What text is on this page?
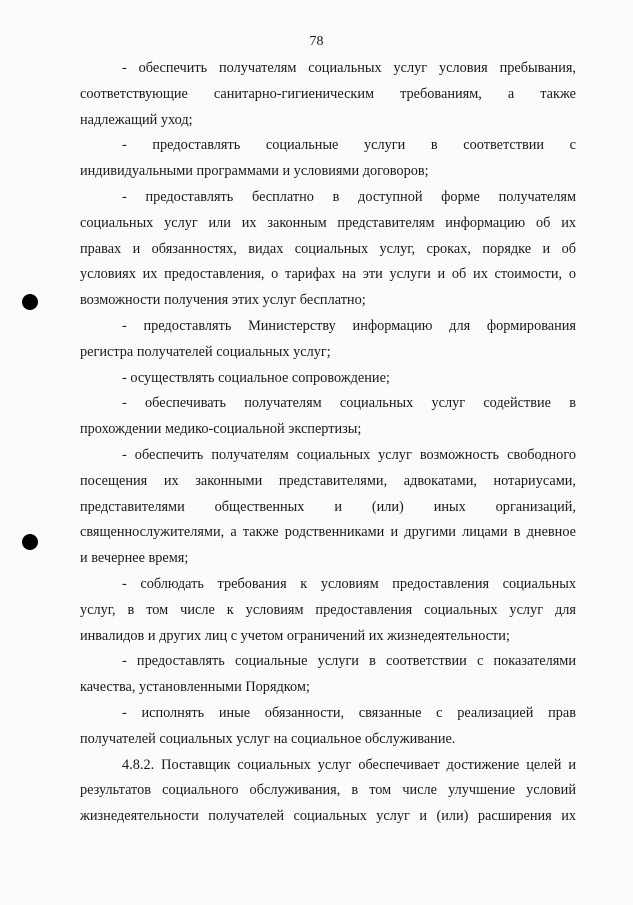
78
- обеспечить получателям социальных услуг условия пребывания,
соответствующие санитарно-гигиеническим требованиям, а также
надлежащий уход;
- предоставлять социальные услуги в соответствии с
индивидуальными программами и условиями договоров;
- предоставлять бесплатно в доступной форме получателям
социальных услуг или их законным представителям информацию об их
правах и обязанностях, видах социальных услуг, сроках, порядке и об
условиях их предоставления, о тарифах на эти услуги и об их стоимости, о
возможности получения этих услуг бесплатно;
- предоставлять Министерству информацию для формирования
регистра получателей социальных услуг;
- осуществлять социальное сопровождение;
- обеспечивать получателям социальных услуг содействие в
прохождении медико-социальной экспертизы;
- обеспечить получателям социальных услуг возможность свободного
посещения их законными представителями, адвокатами, нотариусами,
представителями общественных и (или) иных организаций,
священнослужителями, а также родственниками и другими лицами в дневное
и вечернее время;
- соблюдать требования к условиям предоставления социальных
услуг, в том числе к условиям предоставления социальных услуг для
инвалидов и других лиц с учетом ограничений их жизнедеятельности;
- предоставлять социальные услуги в соответствии с показателями
качества, установленными Порядком;
- исполнять иные обязанности, связанные с реализацией прав
получателей социальных услуг на социальное обслуживание.
4.8.2. Поставщик социальных услуг обеспечивает достижение целей и
результатов социального обслуживания, в том числе улучшение условий
жизнедеятельности получателей социальных услуг и (или) расширения их
